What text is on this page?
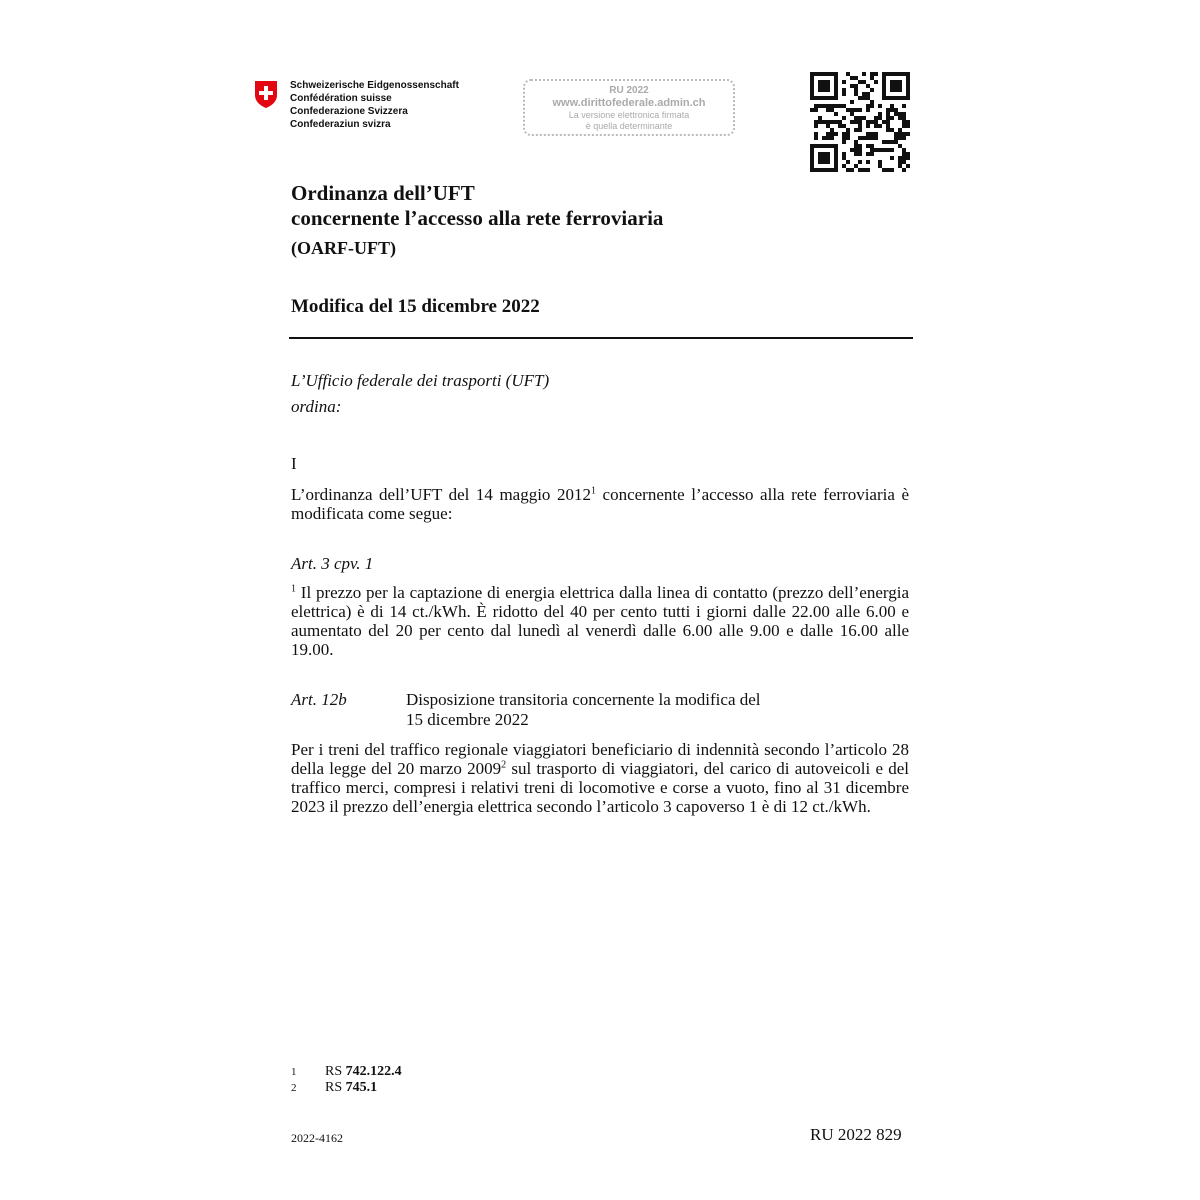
Schweizerische Eidgenossenschaft
Confédération suisse
Confederazione Svizzera
Confederaziun svizra
RU 2022
www.dirittofederale.admin.ch
La versione elettronica firmata
è quella determinante
Ordinanza dell’UFT
concernente l’accesso alla rete ferroviaria
(OARF-UFT)
Modifica del 15 dicembre 2022
L’Ufficio federale dei trasporti (UFT)
ordina:
I
L’ordinanza dell’UFT del 14 maggio 2012$^1$ concernente l’accesso alla rete ferroviaria è modificata come segue:
Art. 3 cpv. 1
$^1$ Il prezzo per la captazione di energia elettrica dalla linea di contatto (prezzo dell’energia elettrica) è di 14 ct./kWh. È ridotto del 40 per cento tutti i giorni dalle 22.00 alle 6.00 e aumentato del 20 per cento dal lunedì al venerdì dalle 6.00 alle 9.00 e dalle 16.00 alle 19.00.
Art. 12b	Disposizione transitoria concernente la modifica del
15 dicembre 2022
Per i treni del traffico regionale viaggiatori beneficiario di indennità secondo l’articolo 28 della legge del 20 marzo 2009$^2$ sul trasporto di viaggiatori, del carico di autoveicoli e del traffico merci, compresi i relativi treni di locomotive e corse a vuoto, fino al 31 dicembre 2023 il prezzo dell’energia elettrica secondo l’articolo 3 capoverso 1 è di 12 ct./kWh.
1 RS 742.122.4
2 RS 745.1
2022-4162	RU 2022 829
